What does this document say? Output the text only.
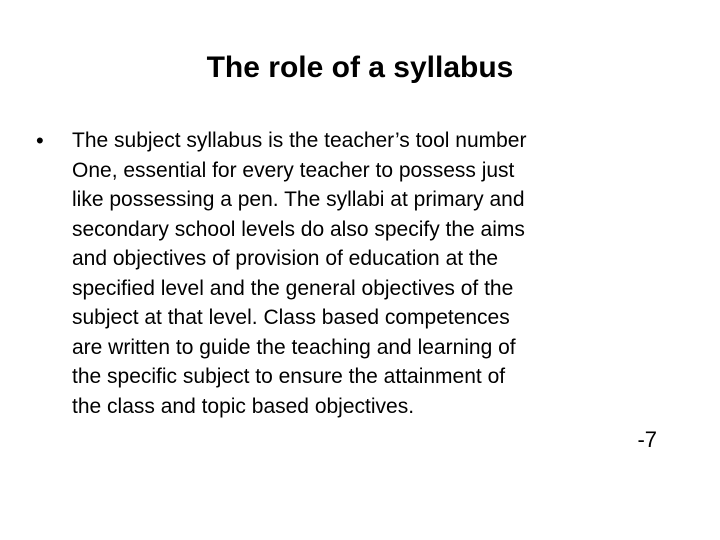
The role of a syllabus
• The subject syllabus is the teacher’s tool number
One, essential for every teacher to possess just
like possessing a pen. The syllabi at primary and
secondary school levels do also specify the aims
and objectives of provision of education at the
specified level and the general objectives of the
subject at that level. Class based competences
are written to guide the teaching and learning of
the specific subject to ensure the attainment of
the class and topic based objectives.

-7
